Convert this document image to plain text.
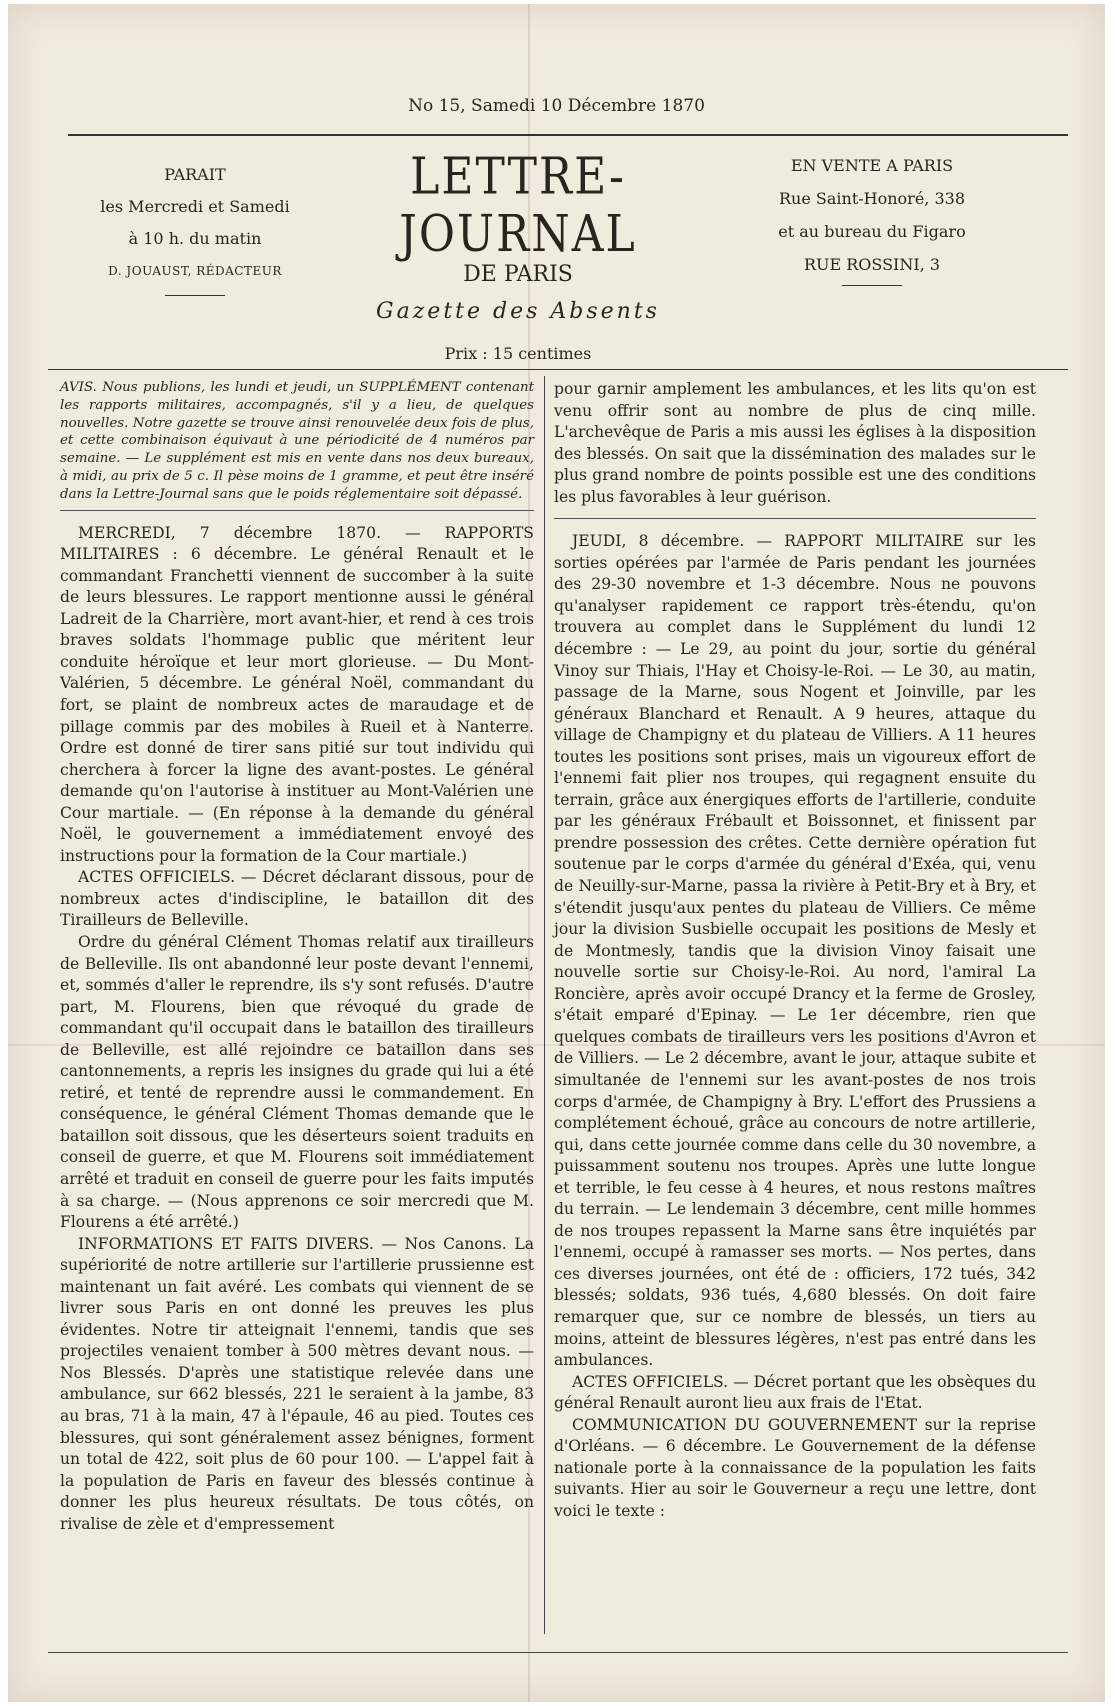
No 15, Samedi 10 Décembre 1870
PARAIT
les Mercredi et Samedi
à 10 h. du matin
D. JOUAUST, RÉDACTEUR
LETTRE-JOURNAL
DE PARIS
Gazette des Absents
Prix : 15 centimes
EN VENTE A PARIS
Rue Saint-Honoré, 338
et au bureau du Figaro
RUE ROSSINI, 3

AVIS. Nous publions, les lundi et jeudi, un SUPPLÉMENT contenant les rapports militaires, accompagnés, s'il y a lieu, de quelques nouvelles. Notre gazette se trouve ainsi renouvelée deux fois de plus, et cette combinaison équivaut à une périodicité de 4 numéros par semaine. — Le supplément est mis en vente dans nos deux bureaux, à midi, au prix de 5 c. Il pèse moins de 1 gramme, et peut être inséré dans la Lettre-Journal sans que le poids réglementaire soit dépassé.

MERCREDI, 7 décembre 1870. — RAPPORTS MILITAIRES : 6 décembre. Le général Renault et le commandant Franchetti viennent de succomber à la suite de leurs blessures. Le rapport mentionne aussi le général Ladreit de la Charrière, mort avant-hier, et rend à ces trois braves soldats l'hommage public que méritent leur conduite héroïque et leur mort glorieuse. — Du Mont-Valérien, 5 décembre. Le général Noël, commandant du fort, se plaint de nombreux actes de maraudage et de pillage commis par des mobiles à Rueil et à Nanterre. Ordre est donné de tirer sans pitié sur tout individu qui cherchera à forcer la ligne des avant-postes. Le général demande qu'on l'autorise à instituer au Mont-Valérien une Cour martiale. — (En réponse à la demande du général Noël, le gouvernement a immédiatement envoyé des instructions pour la formation de la Cour martiale.)

ACTES OFFICIELS. — Décret déclarant dissous, pour de nombreux actes d'indiscipline, le bataillon dit des Tirailleurs de Belleville.

Ordre du général Clément Thomas relatif aux tirailleurs de Belleville. Ils ont abandonné leur poste devant l'ennemi, et, sommés d'aller le reprendre, ils s'y sont refusés. D'autre part, M. Flourens, bien que révoqué du grade de commandant qu'il occupait dans le bataillon des tirailleurs de Belleville, est allé rejoindre ce bataillon dans ses cantonnements, a repris les insignes du grade qui lui a été retiré, et tenté de reprendre aussi le commandement. En conséquence, le général Clément Thomas demande que le bataillon soit dissous, que les déserteurs soient traduits en conseil de guerre, et que M. Flourens soit immédiatement arrêté et traduit en conseil de guerre pour les faits imputés à sa charge. — (Nous apprenons ce soir mercredi que M. Flourens a été arrêté.)

INFORMATIONS ET FAITS DIVERS. — Nos Canons. La supériorité de notre artillerie sur l'artillerie prussienne est maintenant un fait avéré. Les combats qui viennent de se livrer sous Paris en ont donné les preuves les plus évidentes. Notre tir atteignait l'ennemi, tandis que ses projectiles venaient tomber à 500 mètres devant nous. — Nos Blessés. D'après une statistique relevée dans une ambulance, sur 662 blessés, 221 le seraient à la jambe, 83 au bras, 71 à la main, 47 à l'épaule, 46 au pied. Toutes ces blessures, qui sont généralement assez bénignes, forment un total de 422, soit plus de 60 pour 100. — L'appel fait à la population de Paris en faveur des blessés continue à donner les plus heureux résultats. De tous côtés, on rivalise de zèle et d'empressement

pour garnir amplement les ambulances, et les lits qu'on est venu offrir sont au nombre de plus de cinq mille. L'archevêque de Paris a mis aussi les églises à la disposition des blessés. On sait que la dissémination des malades sur le plus grand nombre de points possible est une des conditions les plus favorables à leur guérison.

JEUDI, 8 décembre. — RAPPORT MILITAIRE sur les sorties opérées par l'armée de Paris pendant les journées des 29-30 novembre et 1-3 décembre. Nous ne pouvons qu'analyser rapidement ce rapport très-étendu, qu'on trouvera au complet dans le Supplément du lundi 12 décembre : — Le 29, au point du jour, sortie du général Vinoy sur Thiais, l'Hay et Choisy-le-Roi. — Le 30, au matin, passage de la Marne, sous Nogent et Joinville, par les généraux Blanchard et Renault. A 9 heures, attaque du village de Champigny et du plateau de Villiers. A 11 heures toutes les positions sont prises, mais un vigoureux effort de l'ennemi fait plier nos troupes, qui regagnent ensuite du terrain, grâce aux énergiques efforts de l'artillerie, conduite par les généraux Frébault et Boissonnet, et finissent par prendre possession des crêtes. Cette dernière opération fut soutenue par le corps d'armée du général d'Exéa, qui, venu de Neuilly-sur-Marne, passa la rivière à Petit-Bry et à Bry, et s'étendit jusqu'aux pentes du plateau de Villiers. Ce même jour la division Susbielle occupait les positions de Mesly et de Montmesly, tandis que la division Vinoy faisait une nouvelle sortie sur Choisy-le-Roi. Au nord, l'amiral La Roncière, après avoir occupé Drancy et la ferme de Grosley, s'était emparé d'Epinay. — Le 1er décembre, rien que quelques combats de tirailleurs vers les positions d'Avron et de Villiers. — Le 2 décembre, avant le jour, attaque subite et simultanée de l'ennemi sur les avant-postes de nos trois corps d'armée, de Champigny à Bry. L'effort des Prussiens a complétement échoué, grâce au concours de notre artillerie, qui, dans cette journée comme dans celle du 30 novembre, a puissamment soutenu nos troupes. Après une lutte longue et terrible, le feu cesse à 4 heures, et nous restons maîtres du terrain. — Le lendemain 3 décembre, cent mille hommes de nos troupes repassent la Marne sans être inquiétés par l'ennemi, occupé à ramasser ses morts. — Nos pertes, dans ces diverses journées, ont été de : officiers, 172 tués, 342 blessés; soldats, 936 tués, 4,680 blessés. On doit faire remarquer que, sur ce nombre de blessés, un tiers au moins, atteint de blessures légères, n'est pas entré dans les ambulances.

ACTES OFFICIELS. — Décret portant que les obsèques du général Renault auront lieu aux frais de l'Etat.

COMMUNICATION DU GOUVERNEMENT sur la reprise d'Orléans. — 6 décembre. Le Gouvernement de la défense nationale porte à la connaissance de la population les faits suivants. Hier au soir le Gouverneur a reçu une lettre, dont voici le texte :
